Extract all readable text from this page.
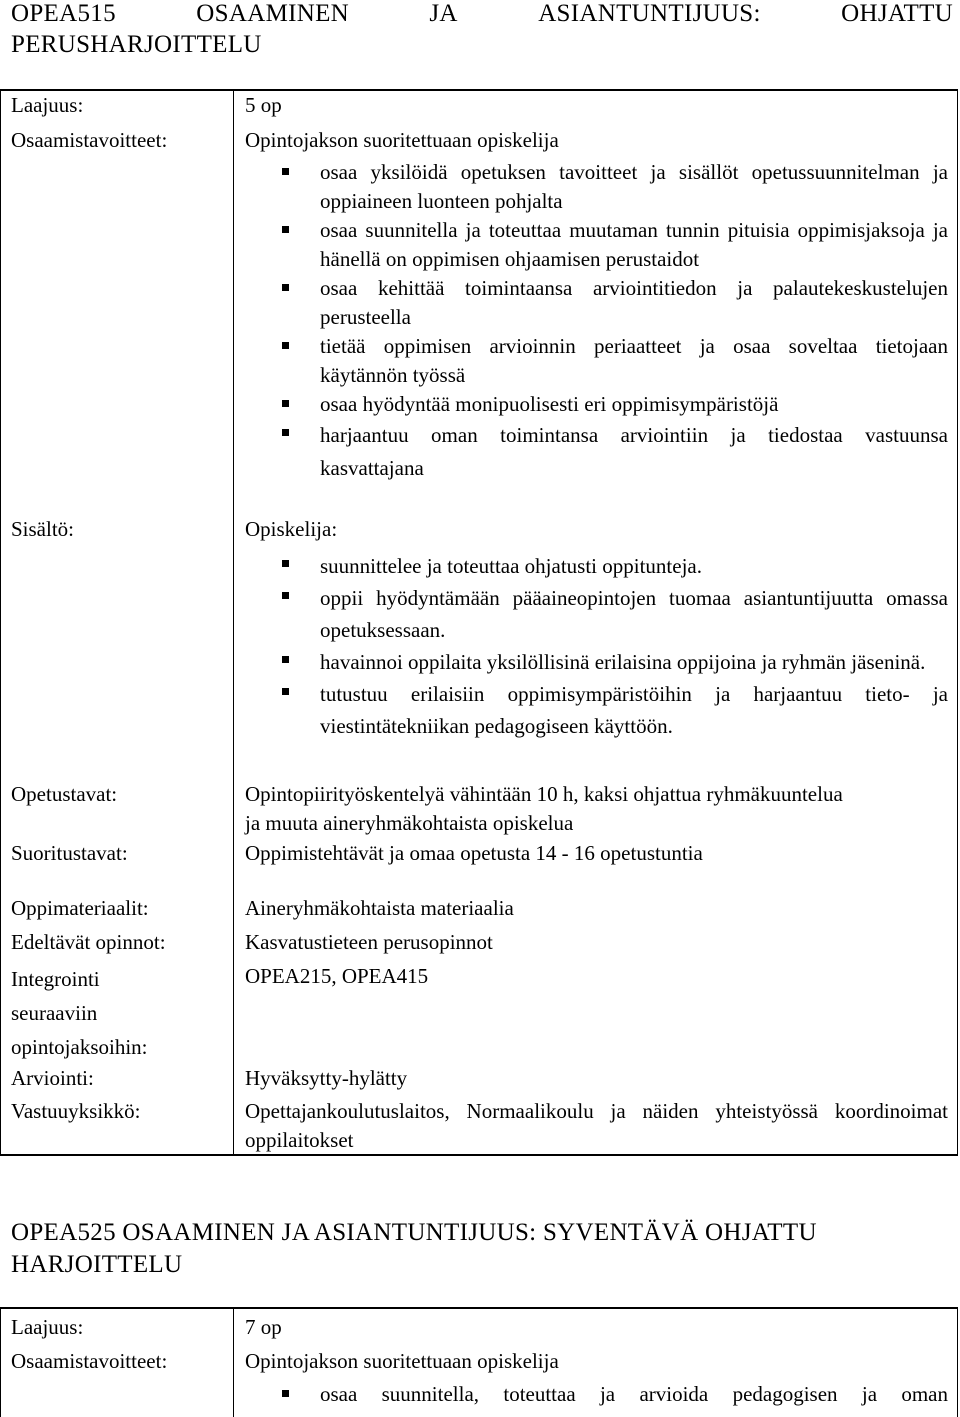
OPEA515	OSAAMINEN	JA	ASIANTUNTIJUUS:	OHJATTU
PERUSHARJOITTELU
Laajuus:	5 op
Osaamistavoitteet:	Opintojakson suoritettuaan opiskelija
osaa yksilöidä opetuksen tavoitteet ja sisällöt opetussuunnitelman ja oppiaineen luonteen pohjalta
osaa suunnitella ja toteuttaa muutaman tunnin pituisia oppimisjaksoja ja hänellä on oppimisen ohjaamisen perustaidot
osaa kehittää toimintaansa arviointitiedon ja palautekeskustelujen perusteella
tietää oppimisen arvioinnin periaatteet ja osaa soveltaa tietojaan käytännön työssä
osaa hyödyntää monipuolisesti eri oppimisympäristöjä
harjaantuu oman toimintansa arviointiin ja tiedostaa vastuunsa kasvattajana
Sisältö:	Opiskelija:
suunnittelee ja toteuttaa ohjatusti oppitunteja.
oppii hyödyntämään pääaineopintojen tuomaa asiantuntijuutta omassa opetuksessaan.
havainnoi oppilaita yksilöllisinä erilaisina oppijoina ja ryhmän jäseninä.
tutustuu erilaisiin oppimisympäristöihin ja harjaantuu tieto- ja viestintätekniikan pedagogiseen käyttöön.
Opetustavat:	Opintopiirityöskentelyä vähintään 10 h, kaksi ohjattua ryhmäkuuntelua ja muuta aineryhmäkohtaista opiskelua
Suoritustavat:	Oppimistehtävät ja omaa opetusta 14 - 16 opetustuntia
Oppimateriaalit:	Aineryhmäkohtaista materiaalia
Edeltävät opinnot:	Kasvatustieteen perusopinnot
Integrointi
seuraaviin
opintojaksoihin:
OPEA215, OPEA415
Arviointi:	Hyväksytty-hylätty
Vastuuyksikkö:	Opettajankoulutuslaitos, Normaalikoulu ja näiden yhteistyössä koordinoimat oppilaitokset
OPEA525 OSAAMINEN JA ASIANTUNTIJUUS: SYVENTÄVÄ OHJATTU
HARJOITTELU
Laajuus:	7 op
Osaamistavoitteet:	Opintojakson suoritettuaan opiskelija
osaa suunnitella, toteuttaa ja arvioida pedagogisen ja oman
